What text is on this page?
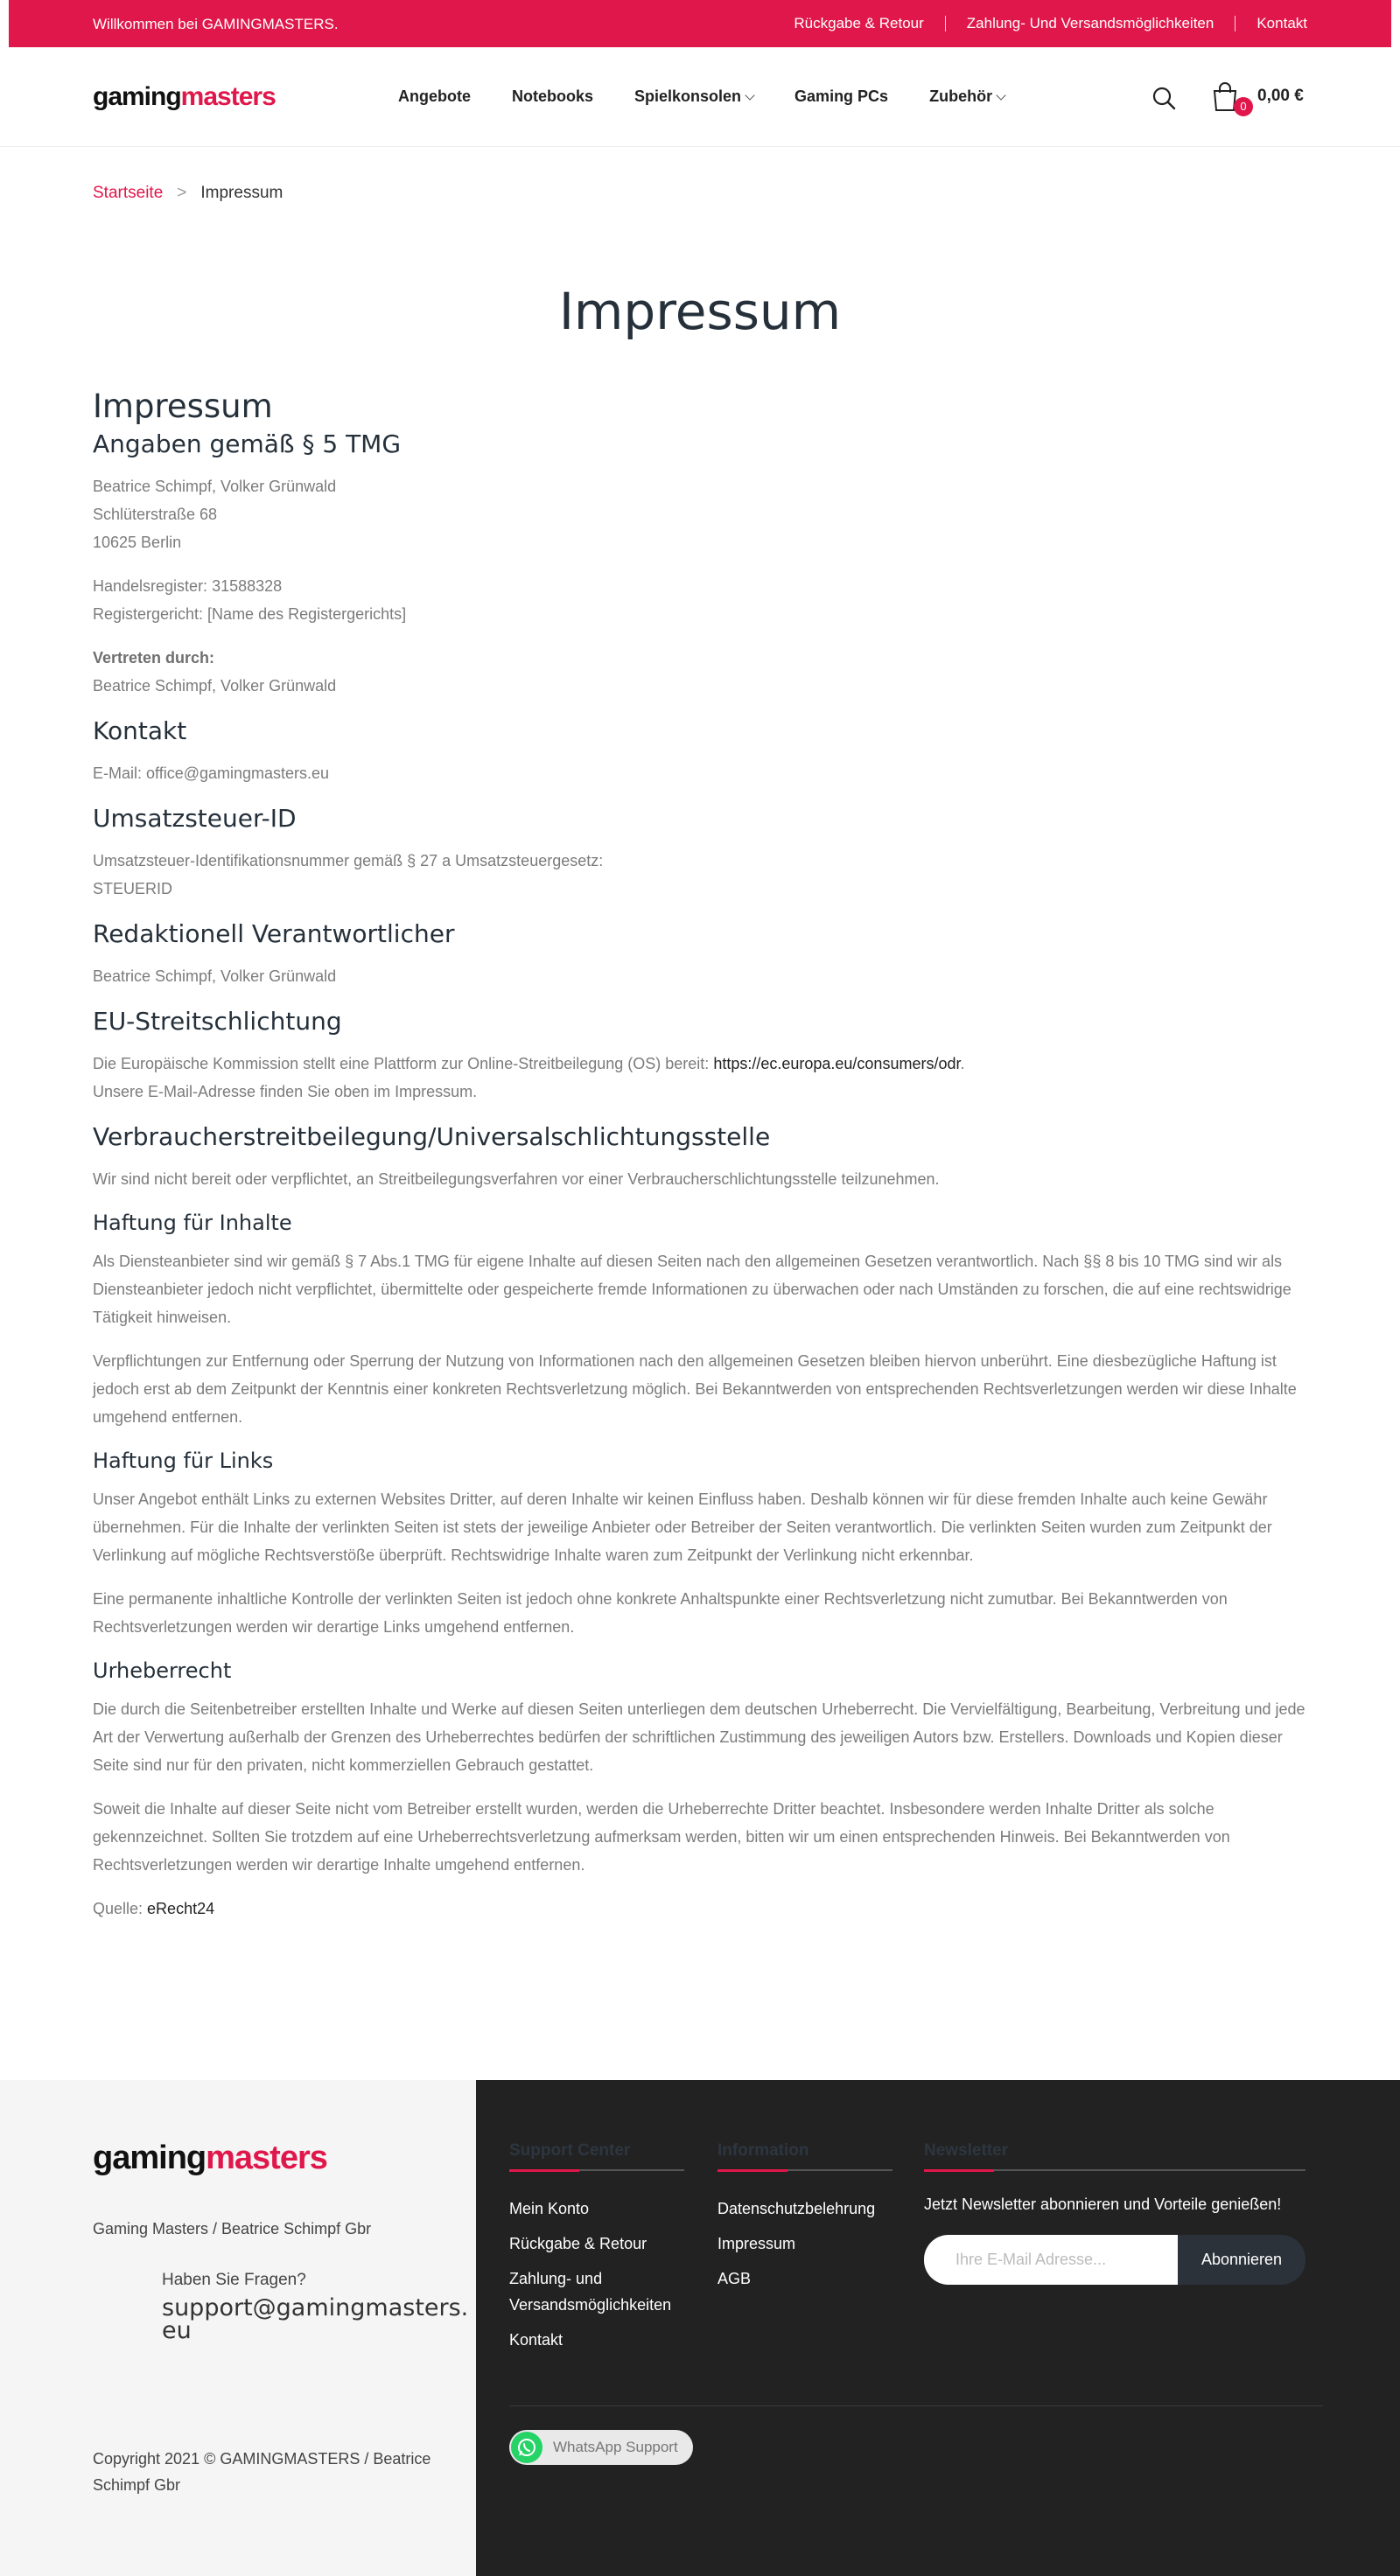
Willkommen bei GAMINGMASTERS.	Rückgabe & Retour	Zahlung- Und Versandsmöglichkeiten	Kontakt
gamingmasters	Angebote	Notebooks	Spielkonsolen	Gaming PCs	Zubehör
0
0,00 €
Startseite > Impressum
Impressum
Impressum
Angaben gemäß § 5 TMG

Beatrice Schimpf, Volker Grünwald
Schlüterstraße 68
10625 Berlin

Handelsregister: 31588328
Registergericht: [Name des Registergerichts]

Vertreten durch:
Beatrice Schimpf, Volker Grünwald

Kontakt

E-Mail: office@gamingmasters.eu

Umsatzsteuer-ID

Umsatzsteuer-Identifikationsnummer gemäß § 27 a Umsatzsteuergesetz:
STEUERID

Redaktionell Verantwortlicher

Beatrice Schimpf, Volker Grünwald

EU-Streitschlichtung

Die Europäische Kommission stellt eine Plattform zur Online-Streitbeilegung (OS) bereit: https://ec.europa.eu/consumers/odr.
Unsere E-Mail-Adresse finden Sie oben im Impressum.

Verbraucherstreitbeilegung/Universalschlichtungsstelle

Wir sind nicht bereit oder verpflichtet, an Streitbeilegungsverfahren vor einer Verbraucherschlichtungsstelle teilzunehmen.

Haftung für Inhalte

Als Diensteanbieter sind wir gemäß § 7 Abs.1 TMG für eigene Inhalte auf diesen Seiten nach den allgemeinen Gesetzen verantwortlich. Nach §§ 8 bis 10 TMG sind wir als Diensteanbieter jedoch nicht verpflichtet, übermittelte oder gespeicherte fremde Informationen zu überwachen oder nach Umständen zu forschen, die auf eine rechtswidrige Tätigkeit hinweisen.

Verpflichtungen zur Entfernung oder Sperrung der Nutzung von Informationen nach den allgemeinen Gesetzen bleiben hiervon unberührt. Eine diesbezügliche Haftung ist jedoch erst ab dem Zeitpunkt der Kenntnis einer konkreten Rechtsverletzung möglich. Bei Bekanntwerden von entsprechenden Rechtsverletzungen werden wir diese Inhalte umgehend entfernen.

Haftung für Links

Unser Angebot enthält Links zu externen Websites Dritter, auf deren Inhalte wir keinen Einfluss haben. Deshalb können wir für diese fremden Inhalte auch keine Gewähr übernehmen. Für die Inhalte der verlinkten Seiten ist stets der jeweilige Anbieter oder Betreiber der Seiten verantwortlich. Die verlinkten Seiten wurden zum Zeitpunkt der Verlinkung auf mögliche Rechtsverstöße überprüft. Rechtswidrige Inhalte waren zum Zeitpunkt der Verlinkung nicht erkennbar.

Eine permanente inhaltliche Kontrolle der verlinkten Seiten ist jedoch ohne konkrete Anhaltspunkte einer Rechtsverletzung nicht zumutbar. Bei Bekanntwerden von Rechtsverletzungen werden wir derartige Links umgehend entfernen.

Urheberrecht

Die durch die Seitenbetreiber erstellten Inhalte und Werke auf diesen Seiten unterliegen dem deutschen Urheberrecht. Die Vervielfältigung, Bearbeitung, Verbreitung und jede Art der Verwertung außerhalb der Grenzen des Urheberrechtes bedürfen der schriftlichen Zustimmung des jeweiligen Autors bzw. Erstellers. Downloads und Kopien dieser Seite sind nur für den privaten, nicht kommerziellen Gebrauch gestattet.

Soweit die Inhalte auf dieser Seite nicht vom Betreiber erstellt wurden, werden die Urheberrechte Dritter beachtet. Insbesondere werden Inhalte Dritter als solche gekennzeichnet. Sollten Sie trotzdem auf eine Urheberrechtsverletzung aufmerksam werden, bitten wir um einen entsprechenden Hinweis. Bei Bekanntwerden von Rechtsverletzungen werden wir derartige Inhalte umgehend entfernen.

Quelle: eRecht24

gamingmasters
Gaming Masters / Beatrice Schimpf Gbr
Haben Sie Fragen?
support@gamingmasters.eu
Copyright 2021 © GAMINGMASTERS / Beatrice Schimpf Gbr
Support Center
Mein Konto
Rückgabe & Retour
Zahlung- und Versandsmöglichkeiten
Kontakt
Information
Datenschutzbelehrung
Impressum
AGB
Newsletter
Jetzt Newsletter abonnieren und Vorteile genießen!
Ihre E-Mail Adresse...
Abonnieren
WhatsApp Support
